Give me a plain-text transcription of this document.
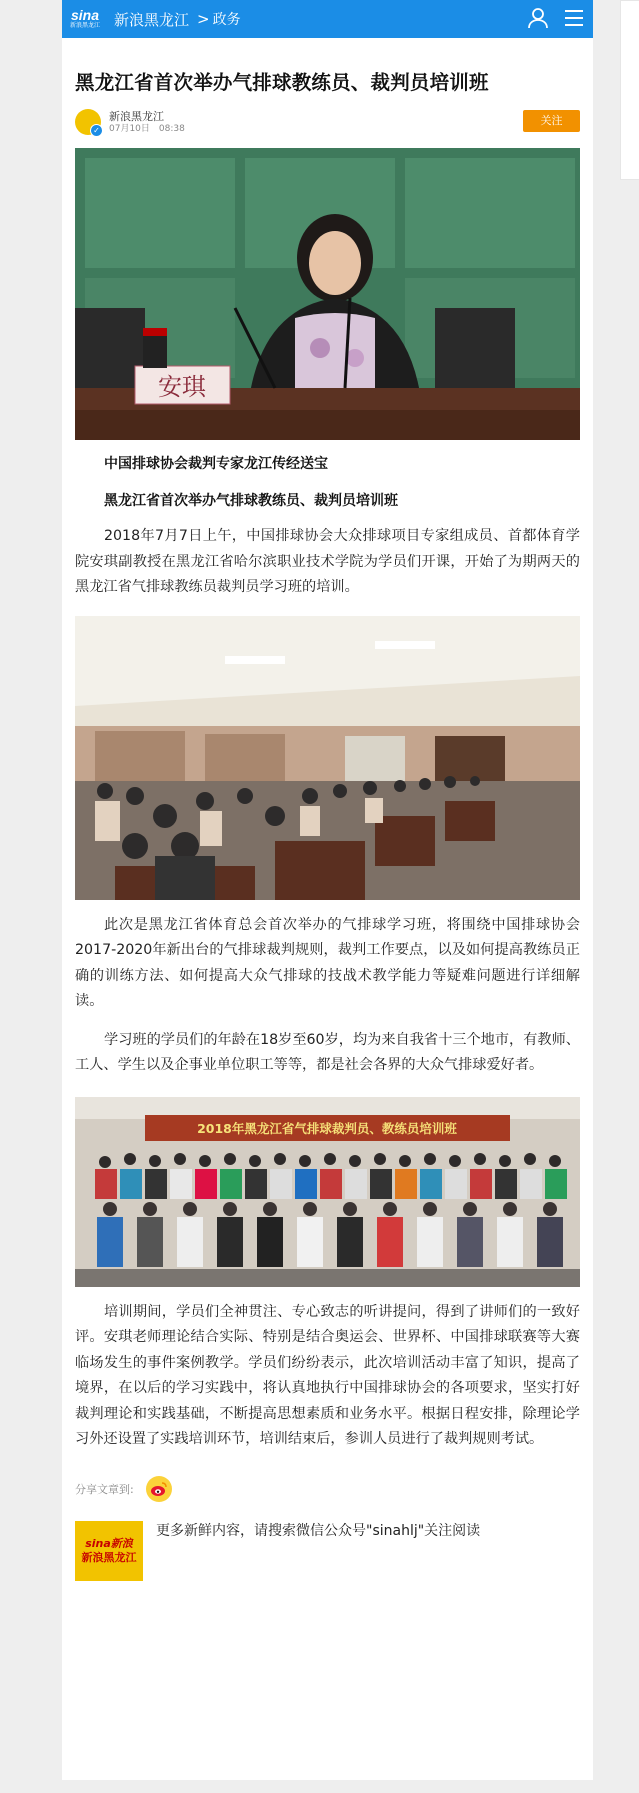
sina
新浪黑龙江 新浪黑龙江 > 政务
黑龙江省首次举办气排球教练员、裁判员培训班
✓
新浪黑龙江
07月10日　08:38
关注
安琪
中国排球协会裁判专家龙江传经送宝
黑龙江省首次举办气排球教练员、裁判员培训班

2018年7月7日上午，中国排球协会大众排球项目专家组成员、首都体育学院安琪副教授在黑龙江省哈尔滨职业技术学院为学员们开课，开始了为期两天的黑龙江省气排球教练员裁判员学习班的培训。

此次是黑龙江省体育总会首次举办的气排球学习班，将围绕中国排球协会2017-2020年新出台的气排球裁判规则，裁判工作要点，以及如何提高教练员正确的训练方法、如何提高大众气排球的技战术教学能力等疑难问题进行详细解读。

学习班的学员们的年龄在18岁至60岁，均为来自我省十三个地市，有教师、工人、学生以及企事业单位职工等等，都是社会各界的大众气排球爱好者。

2018年黑龙江省气排球裁判员、教练员培训班

培训期间，学员们全神贯注、专心致志的听讲提问，得到了讲师们的一致好评。安琪老师理论结合实际、特别是结合奥运会、世界杯、中国排球联赛等大赛临场发生的事件案例教学。学员们纷纷表示，此次培训活动丰富了知识，提高了境界，在以后的学习实践中，将认真地执行中国排球协会的各项要求，坚实打好裁判理论和实践基础，不断提高思想素质和业务水平。根据日程安排，除理论学习外还设置了实践培训环节，培训结束后，参训人员进行了裁判规则考试。

分享文章到:
sina新浪
新浪黑龙江
更多新鲜内容，请搜索微信公众号"sinahlj"关注阅读
